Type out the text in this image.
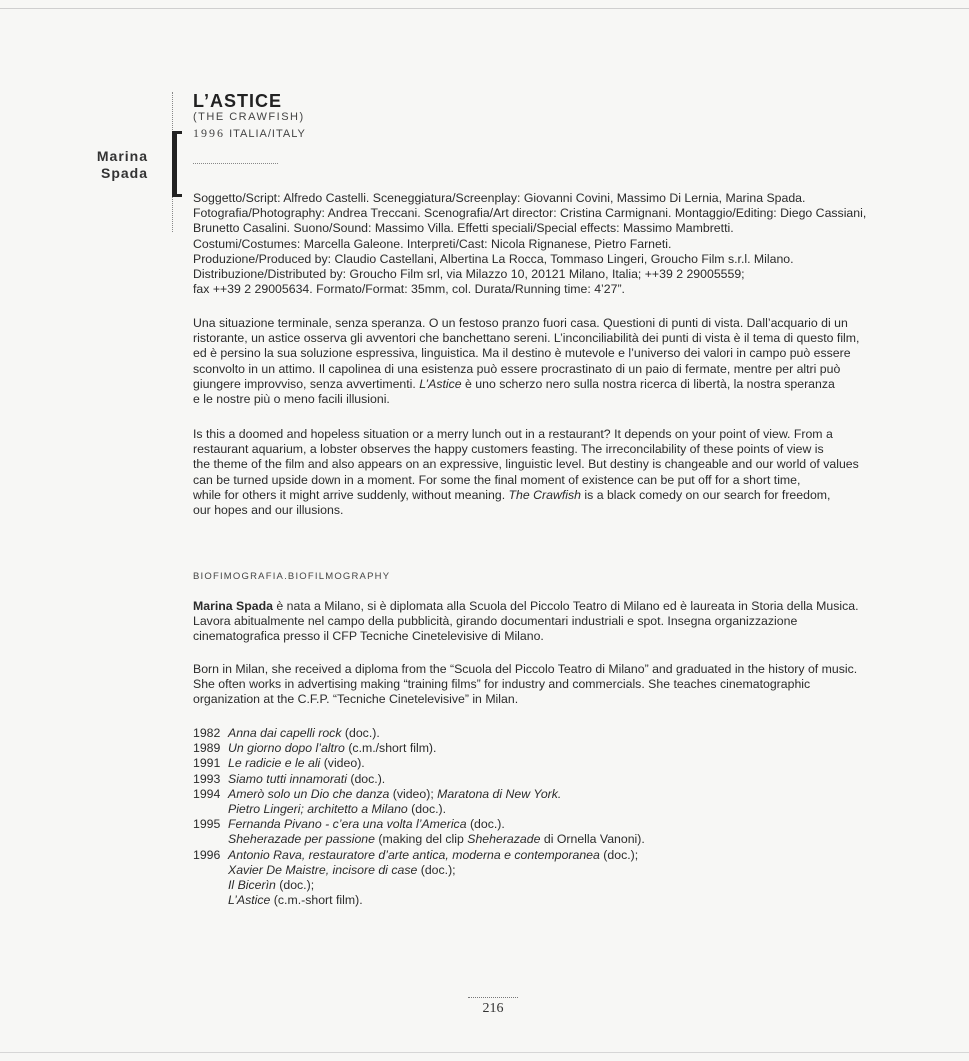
Marina
Spada
L’ASTICE
(THE CRAWFISH)
1996 ITALIA/ITALY
Soggetto/Script: Alfredo Castelli. Sceneggiatura/Screenplay: Giovanni Covini, Massimo Di Lernia, Marina Spada.
Fotografia/Photography: Andrea Treccani. Scenografia/Art director: Cristina Carmignani. Montaggio/Editing: Diego Cassiani,
Brunetto Casalini. Suono/Sound: Massimo Villa. Effetti speciali/Special effects: Massimo Mambretti.
Costumi/Costumes: Marcella Galeone. Interpreti/Cast: Nicola Rignanese, Pietro Farneti.
Produzione/Produced by: Claudio Castellani, Albertina La Rocca, Tommaso Lingeri, Groucho Film s.r.l. Milano.
Distribuzione/Distributed by: Groucho Film srl, via Milazzo 10, 20121 Milano, Italia; ++39 2 29005559;
fax ++39 2 29005634. Formato/Format: 35mm, col. Durata/Running time: 4’27”.
Una situazione terminale, senza speranza. O un festoso pranzo fuori casa. Questioni di punti di vista. Dall’acquario di un
ristorante, un astice osserva gli avventori che banchettano sereni. L’inconciliabilità dei punti di vista è il tema di questo film,
ed è persino la sua soluzione espressiva, linguistica. Ma il destino è mutevole e l’universo dei valori in campo può essere
sconvolto in un attimo. Il capolinea di una esistenza può essere procrastinato di un paio di fermate, mentre per altri può
giungere improvviso, senza avvertimenti. L’Astice è uno scherzo nero sulla nostra ricerca di libertà, la nostra speranza
e le nostre più o meno facili illusioni.
Is this a doomed and hopeless situation or a merry lunch out in a restaurant? It depends on your point of view. From a
restaurant aquarium, a lobster observes the happy customers feasting. The irreconcilability of these points of view is
the theme of the film and also appears on an expressive, linguistic level. But destiny is changeable and our world of values
can be turned upside down in a moment. For some the final moment of existence can be put off for a short time,
while for others it might arrive suddenly, without meaning. The Crawfish is a black comedy on our search for freedom,
our hopes and our illusions.
BIOFIMOGRAFIA.BIOFILMOGRAPHY
Marina Spada è nata a Milano, si è diplomata alla Scuola del Piccolo Teatro di Milano ed è laureata in Storia della Musica.
Lavora abitualmente nel campo della pubblicità, girando documentari industriali e spot. Insegna organizzazione
cinematografica presso il CFP Tecniche Cinetelevisive di Milano.
Born in Milan, she received a diploma from the “Scuola del Piccolo Teatro di Milano” and graduated in the history of music.
She often works in advertising making “training films” for industry and commercials. She teaches cinematographic
organization at the C.F.P. “Tecniche Cinetelevisive” in Milan.
1982 Anna dai capelli rock (doc.).
1989 Un giorno dopo l’altro (c.m./short film).
1991 Le radicie e le ali (video).
1993 Siamo tutti innamorati (doc.).
1994 Amerò solo un Dio che danza (video); Maratona di New York.
Pietro Lingeri; architetto a Milano (doc.).
1995 Fernanda Pivano - c’era una volta l’America (doc.).
Sheherazade per passione (making del clip Sheherazade di Ornella Vanoni).
1996 Antonio Rava, restauratore d’arte antica, moderna e contemporanea (doc.);
Xavier De Maistre, incisore di case (doc.);
Il Bicerìn (doc.);
L’Astice (c.m.-short film).
216
